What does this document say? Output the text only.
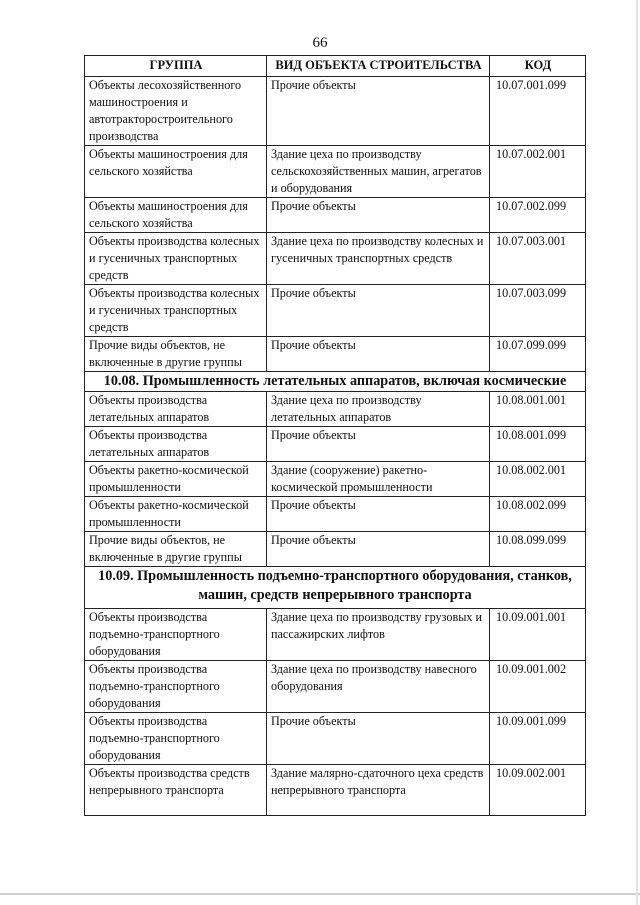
66
ГРУППА	ВИД ОБЪЕКТА СТРОИТЕЛЬСТВА	КОД
Объекты лесохозяйственного машиностроения и автотракторостроительного производства	Прочие объекты	10.07.001.099
Объекты машиностроения для сельского хозяйства	Здание цеха по производству сельскохозяйственных машин, агрегатов и оборудования	10.07.002.001
Объекты машиностроения для сельского хозяйства	Прочие объекты	10.07.002.099
Объекты производства колесных и гусеничных транспортных средств	Здание цеха по производству колесных и гусеничных транспортных средств	10.07.003.001
Объекты производства колесных и гусеничных транспортных средств	Прочие объекты	10.07.003.099
Прочие виды объектов, не включенные в другие группы	Прочие объекты	10.07.099.099
10.08. Промышленность летательных аппаратов, включая космические		
Объекты производства летательных аппаратов	Здание цеха по производству летательных аппаратов	10.08.001.001
Объекты производства летательных аппаратов	Прочие объекты	10.08.001.099
Объекты ракетно-космической промышленности	Здание (сооружение) ракетно-космической промышленности	10.08.002.001
Объекты ракетно-космической промышленности	Прочие объекты	10.08.002.099
Прочие виды объектов, не включенные в другие группы	Прочие объекты	10.08.099.099
10.09. Промышленность подъемно-транспортного оборудования, станков, машин, средств непрерывного транспорта		
Объекты производства подъемно-транспортного оборудования	Здание цеха по производству грузовых и пассажирских лифтов	10.09.001.001
Объекты производства подъемно-транспортного оборудования	Здание цеха по производству навесного оборудования	10.09.001.002
Объекты производства подъемно-транспортного оборудования	Прочие объекты	10.09.001.099
Объекты производства средств непрерывного транспорта	Здание малярно-сдаточного цеха средств непрерывного транспорта	10.09.002.001
